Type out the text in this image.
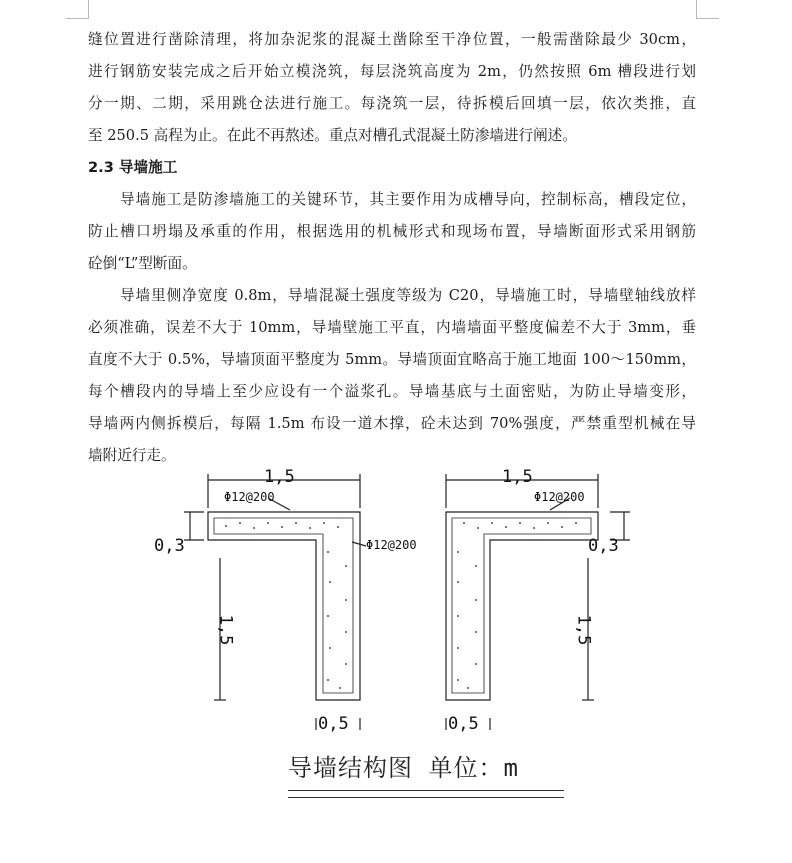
缝位置进行凿除清理，将加杂泥浆的混凝土凿除至干净位置，一般需凿除最少 30cm，
进行钢筋安装完成之后开始立模浇筑，每层浇筑高度为 2m，仍然按照 6m 槽段进行划
分一期、二期，采用跳仓法进行施工。每浇筑一层，待拆模后回填一层，依次类推，直
至 250.5 高程为止。在此不再熬述。重点对槽孔式混凝土防渗墙进行阐述。
2.3 导墙施工
导墙施工是防渗墙施工的关键环节，其主要作用为成槽导向，控制标高，槽段定位，
防止槽口坍塌及承重的作用，根据选用的机械形式和现场布置，导墙断面形式采用钢筋
砼倒“L”型断面。
导墙里侧净宽度 0.8m，导墙混凝土强度等级为 C20，导墙施工时，导墙壁轴线放样
必须准确，误差不大于 10mm，导墙壁施工平直，内墙墙面平整度偏差不大于 3mm，垂
直度不大于 0.5%，导墙顶面平整度为 5mm。导墙顶面宜略高于施工地面 100～150mm，
每个槽段内的导墙上至少应设有一个溢浆孔。导墙基底与土面密贴，为防止导墙变形，
导墙两内侧拆模后，每隔 1.5m 布设一道木撑，砼未达到 70%强度，严禁重型机械在导
墙附近行走。
1,5
Φ12@200
Φ12@200
0,3
1,5
0,5
1,5
Φ12@200
0,3
1,5
0,5
导墙结构图 单位：m
